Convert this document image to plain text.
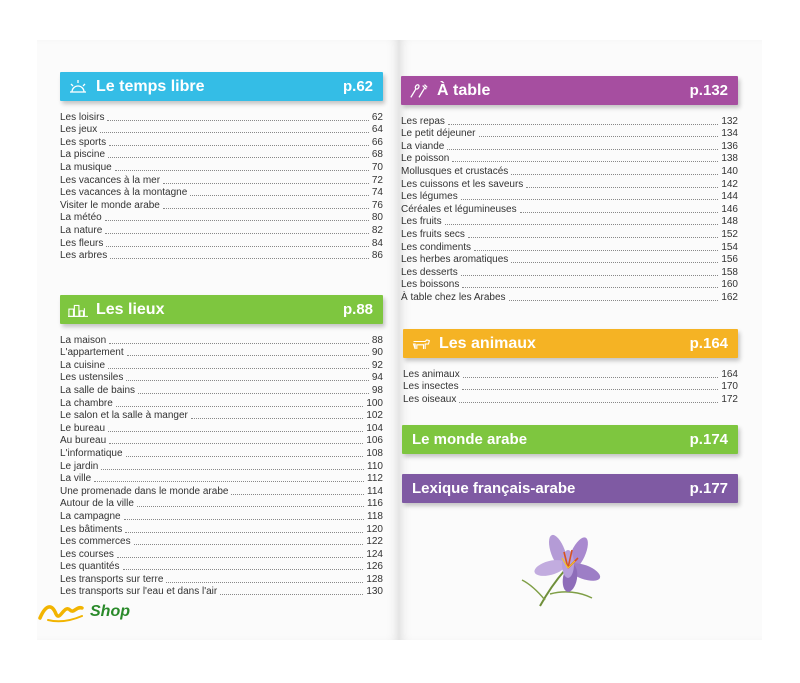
Le temps libre	p.62
Les loisirs	62
Les jeux	64
Les sports	66
La piscine	68
La musique	70
Les vacances à la mer	72
Les vacances à la montagne	74
Visiter le monde arabe	76
La météo	80
La nature	82
Les fleurs	84
Les arbres	86
Les lieux	p.88
La maison	88
L'appartement	90
La cuisine	92
Les ustensiles	94
La salle de bains	98
La chambre	100
Le salon et la salle à manger	102
Le bureau	104
Au bureau	106
L'informatique	108
Le jardin	110
La ville	112
Une promenade dans le monde arabe	114
Autour de la ville	116
La campagne	118
Les bâtiments	120
Les commerces	122
Les courses	124
Les quantités	126
Les transports sur terre	128
Les transports sur l'eau et dans l'air	130
À table	p.132
Les repas	132
Le petit déjeuner	134
La viande	136
Le poisson	138
Mollusques et crustacés	140
Les cuissons et les saveurs	142
Les légumes	144
Céréales et légumineuses	146
Les fruits	148
Les fruits secs	152
Les condiments	154
Les herbes aromatiques	156
Les desserts	158
Les boissons	160
À table chez les Arabes	162
Les animaux	p.164
Les animaux	164
Les insectes	170
Les oiseaux	172
Le monde arabe	p.174
Lexique français-arabe	p.177
Shop
